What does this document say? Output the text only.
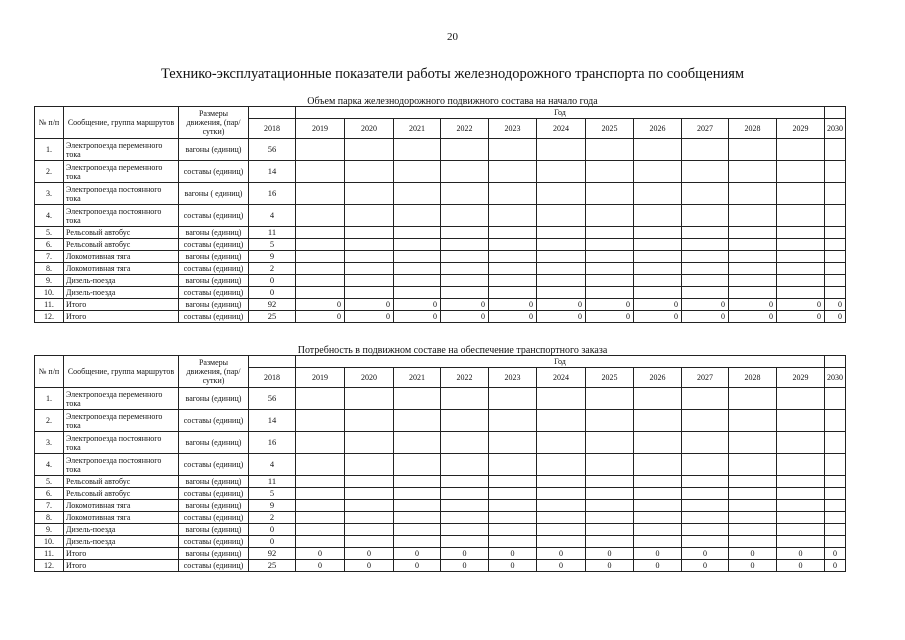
20
Технико-эксплуатационные показатели работы железнодорожного транспорта по сообщениям
Объем парка железнодорожного подвижного состава на начало года
№ п/п	Сообщение, группа маршрутов	Размеры движения, (пар/сутки)		Год											
			2018	2019	2020	2021	2022	2023	2024	2025	2026	2027	2028	2029	2030
1.	Электропоезда переменного тока	вагоны (единиц)	56												
2.	Электропоезда переменного тока	составы (единиц)	14												
3.	Электропоезда постоянного тока	вагоны ( единиц)	16												
4.	Электропоезда постоянного тока	составы (единиц)	4												
5.	Рельсовый автобус	вагоны (единиц)	11												
6.	Рельсовый автобус	составы (единиц)	5												
7.	Локомотивная тяга	вагоны (единиц)	9												
8.	Локомотивная тяга	составы (единиц)	2												
9.	Дизель-поезда	вагоны (единиц)	0												
10.	Дизель-поезда	составы (единиц)	0												
11.	Итого	вагоны (единиц)	92	0	0	0	0	0	0	0	0	0	0	0	0
12.	Итого	составы (единиц)	25	0	0	0	0	0	0	0	0	0	0	0	0
Потребность в подвижном составе на обеспечение транспортного заказа
№ п/п	Сообщение, группа маршрутов	Размеры движения, (пар/сутки)		Год											
			2018	2019	2020	2021	2022	2023	2024	2025	2026	2027	2028	2029	2030
1.	Электропоезда переменного тока	вагоны (единиц)	56												
2.	Электропоезда переменного тока	составы (единиц)	14												
3.	Электропоезда постоянного тока	вагоны (единиц)	16												
4.	Электропоезда постоянного тока	составы (единиц)	4												
5.	Рельсовый автобус	вагоны (единиц)	11												
6.	Рельсовый автобус	составы (единиц)	5												
7.	Локомотивная тяга	вагоны (единиц)	9												
8.	Локомотивная тяга	составы (единиц)	2												
9.	Дизель-поезда	вагоны (единиц)	0												
10.	Дизель-поезда	составы (единиц)	0												
11.	Итого	вагоны (единиц)	92	0	0	0	0	0	0	0	0	0	0	0	0
12.	Итого	составы (единиц)	25	0	0	0	0	0	0	0	0	0	0	0	0
